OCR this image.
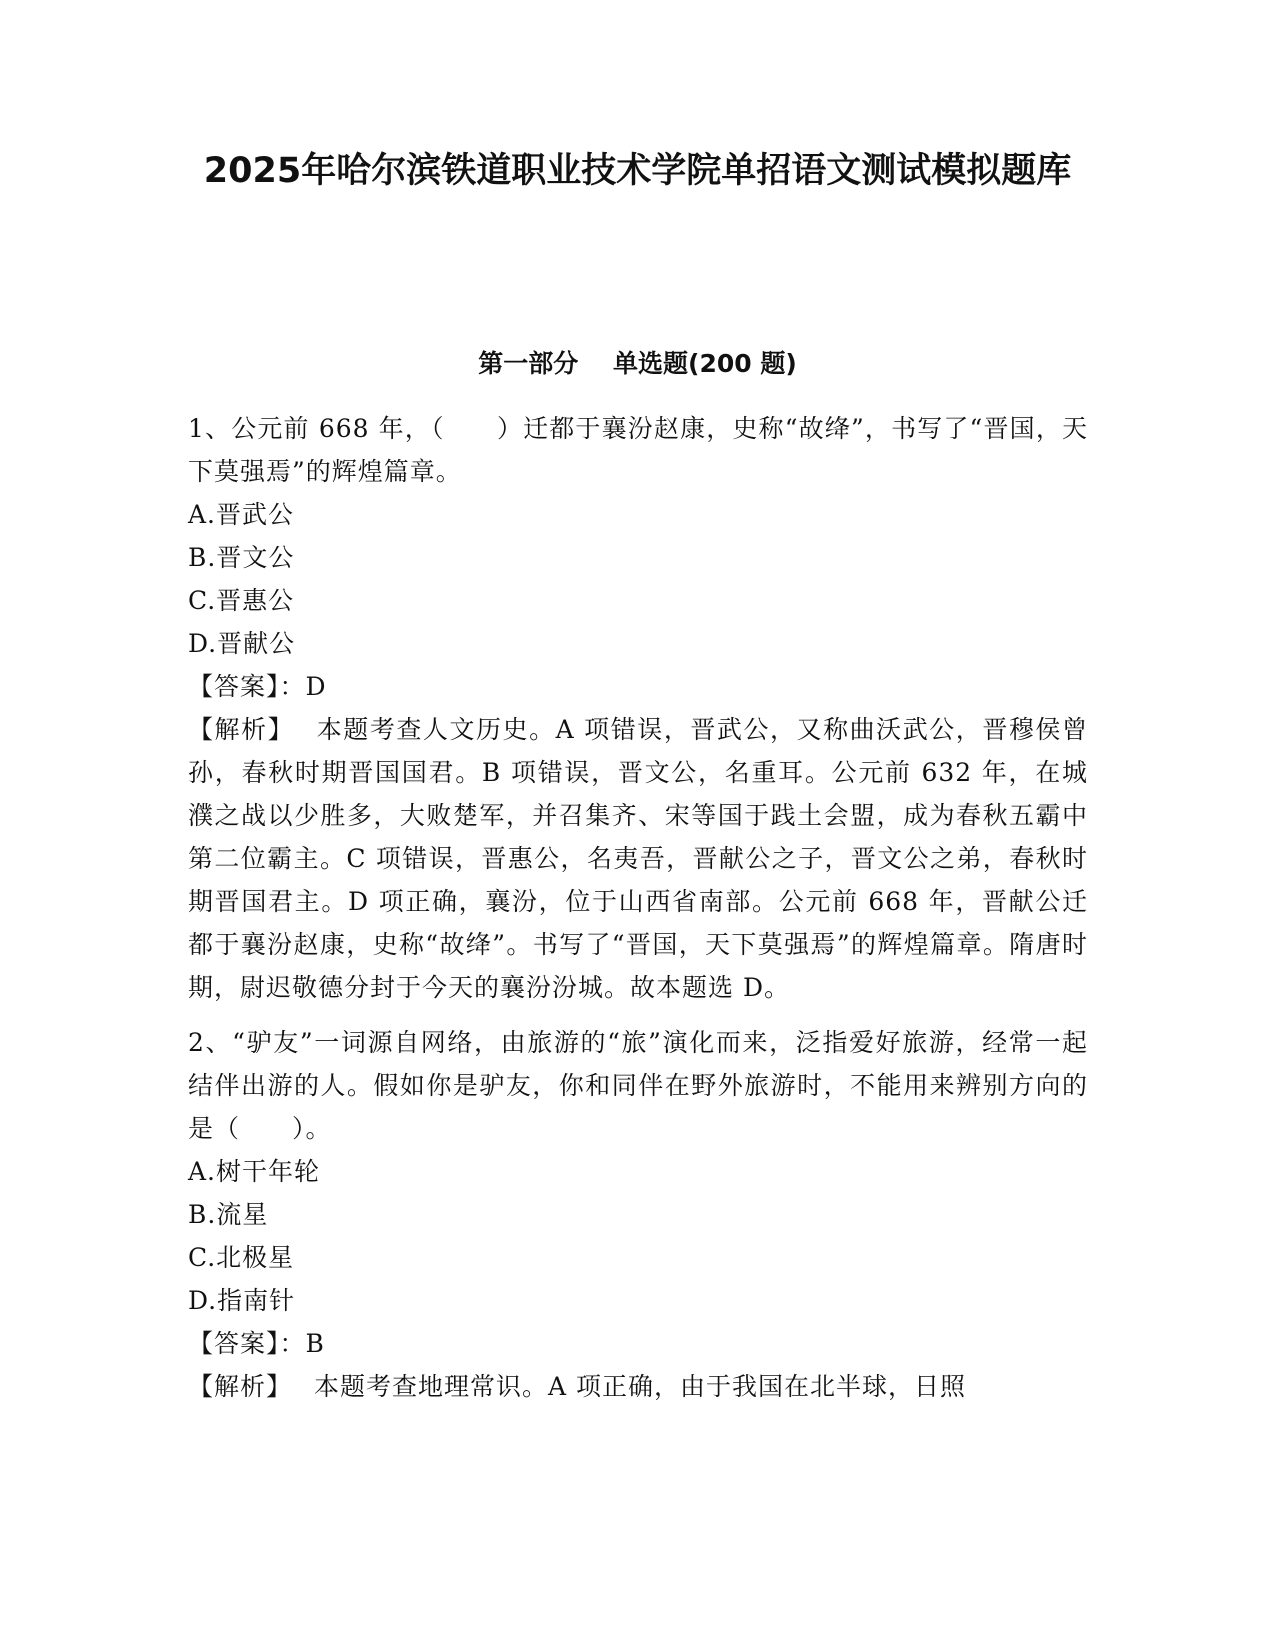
2025年哈尔滨铁道职业技术学院单招语文测试模拟题库
第一部分    单选题(200 题)

1、公元前 668 年，（　　）迁都于襄汾赵康，史称“故绛”，书写了“晋国，天下莫强焉”的辉煌篇章。

A.晋武公

B.晋文公

C.晋惠公

D.晋献公

【答案】：D

【解析】 本题考查人文历史。A 项错误，晋武公，又称曲沃武公，晋穆侯曾孙，春秋时期晋国国君。B 项错误，晋文公，名重耳。公元前 632 年，在城濮之战以少胜多，大败楚军，并召集齐、宋等国于践土会盟，成为春秋五霸中第二位霸主。C 项错误，晋惠公，名夷吾，晋献公之子，晋文公之弟，春秋时期晋国君主。D 项正确，襄汾，位于山西省南部。公元前 668 年，晋献公迁都于襄汾赵康，史称“故绛”。书写了“晋国，天下莫强焉”的辉煌篇章。隋唐时期，尉迟敬德分封于今天的襄汾汾城。故本题选 D。

2、“驴友”一词源自网络，由旅游的“旅”演化而来，泛指爱好旅游，经常一起结伴出游的人。假如你是驴友，你和同伴在野外旅游时，不能用来辨别方向的是（　　）。

A.树干年轮

B.流星

C.北极星

D.指南针

【答案】：B

【解析】 本题考查地理常识。A 项正确，由于我国在北半球，日照
